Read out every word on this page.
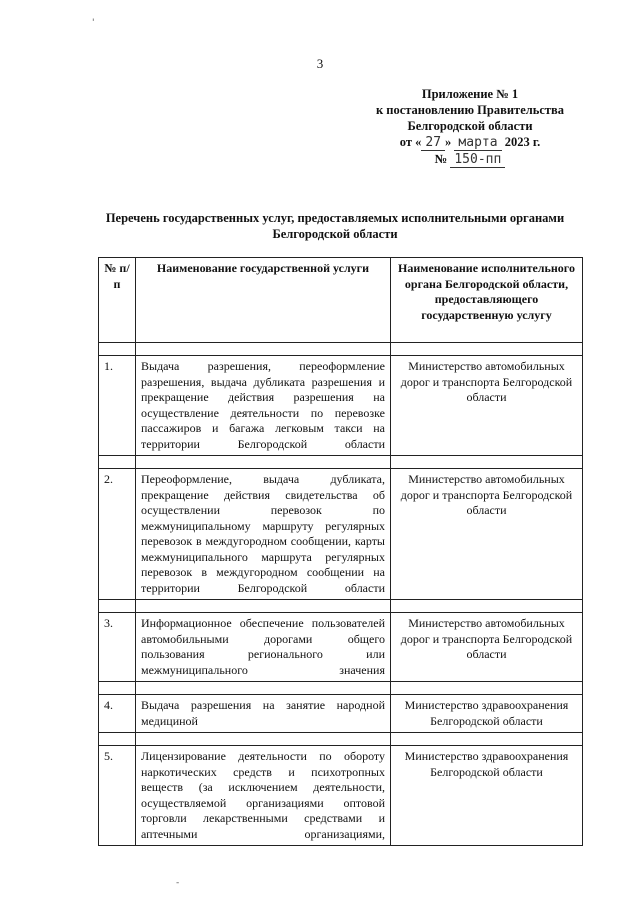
'
-
3
Приложение № 1
к постановлению Правительства
Белгородской области
от « 27 » марта 2023 г.
№ 150-пп
Перечень государственных услуг, предоставляемых исполнительными органами
Белгородской области
№ п/п	Наименование государственной услуги	Наименование исполнительного органа Белгородской области, предоставляющего государственную услугу

1.	Выдача разрешения, переоформление разрешения, выдача дубликата разрешения и прекращение действия разрешения на осуществление деятельности по перевозке пассажиров и багажа легковым такси на территории Белгородской области	Министерство автомобильных дорог и транспорта Белгородской области

2.	Переоформление, выдача дубликата, прекращение действия свидетельства об осуществлении перевозок по межмуниципальному маршруту регулярных перевозок в междугородном сообщении, карты межмуниципального маршрута регулярных перевозок в междугородном сообщении на территории Белгородской области	Министерство автомобильных дорог и транспорта Белгородской области

3.	Информационное обеспечение пользователей автомобильными дорогами общего пользования регионального или межмуниципального значения	Министерство автомобильных дорог и транспорта Белгородской области

4.	Выдача разрешения на занятие народной медициной	Министерство здравоохранения Белгородской области

5.	Лицензирование деятельности по обороту наркотических средств и психотропных веществ (за исключением деятельности, осуществляемой организациями оптовой торговли лекарственными средствами и аптечными организациями,	Министерство здравоохранения Белгородской области
